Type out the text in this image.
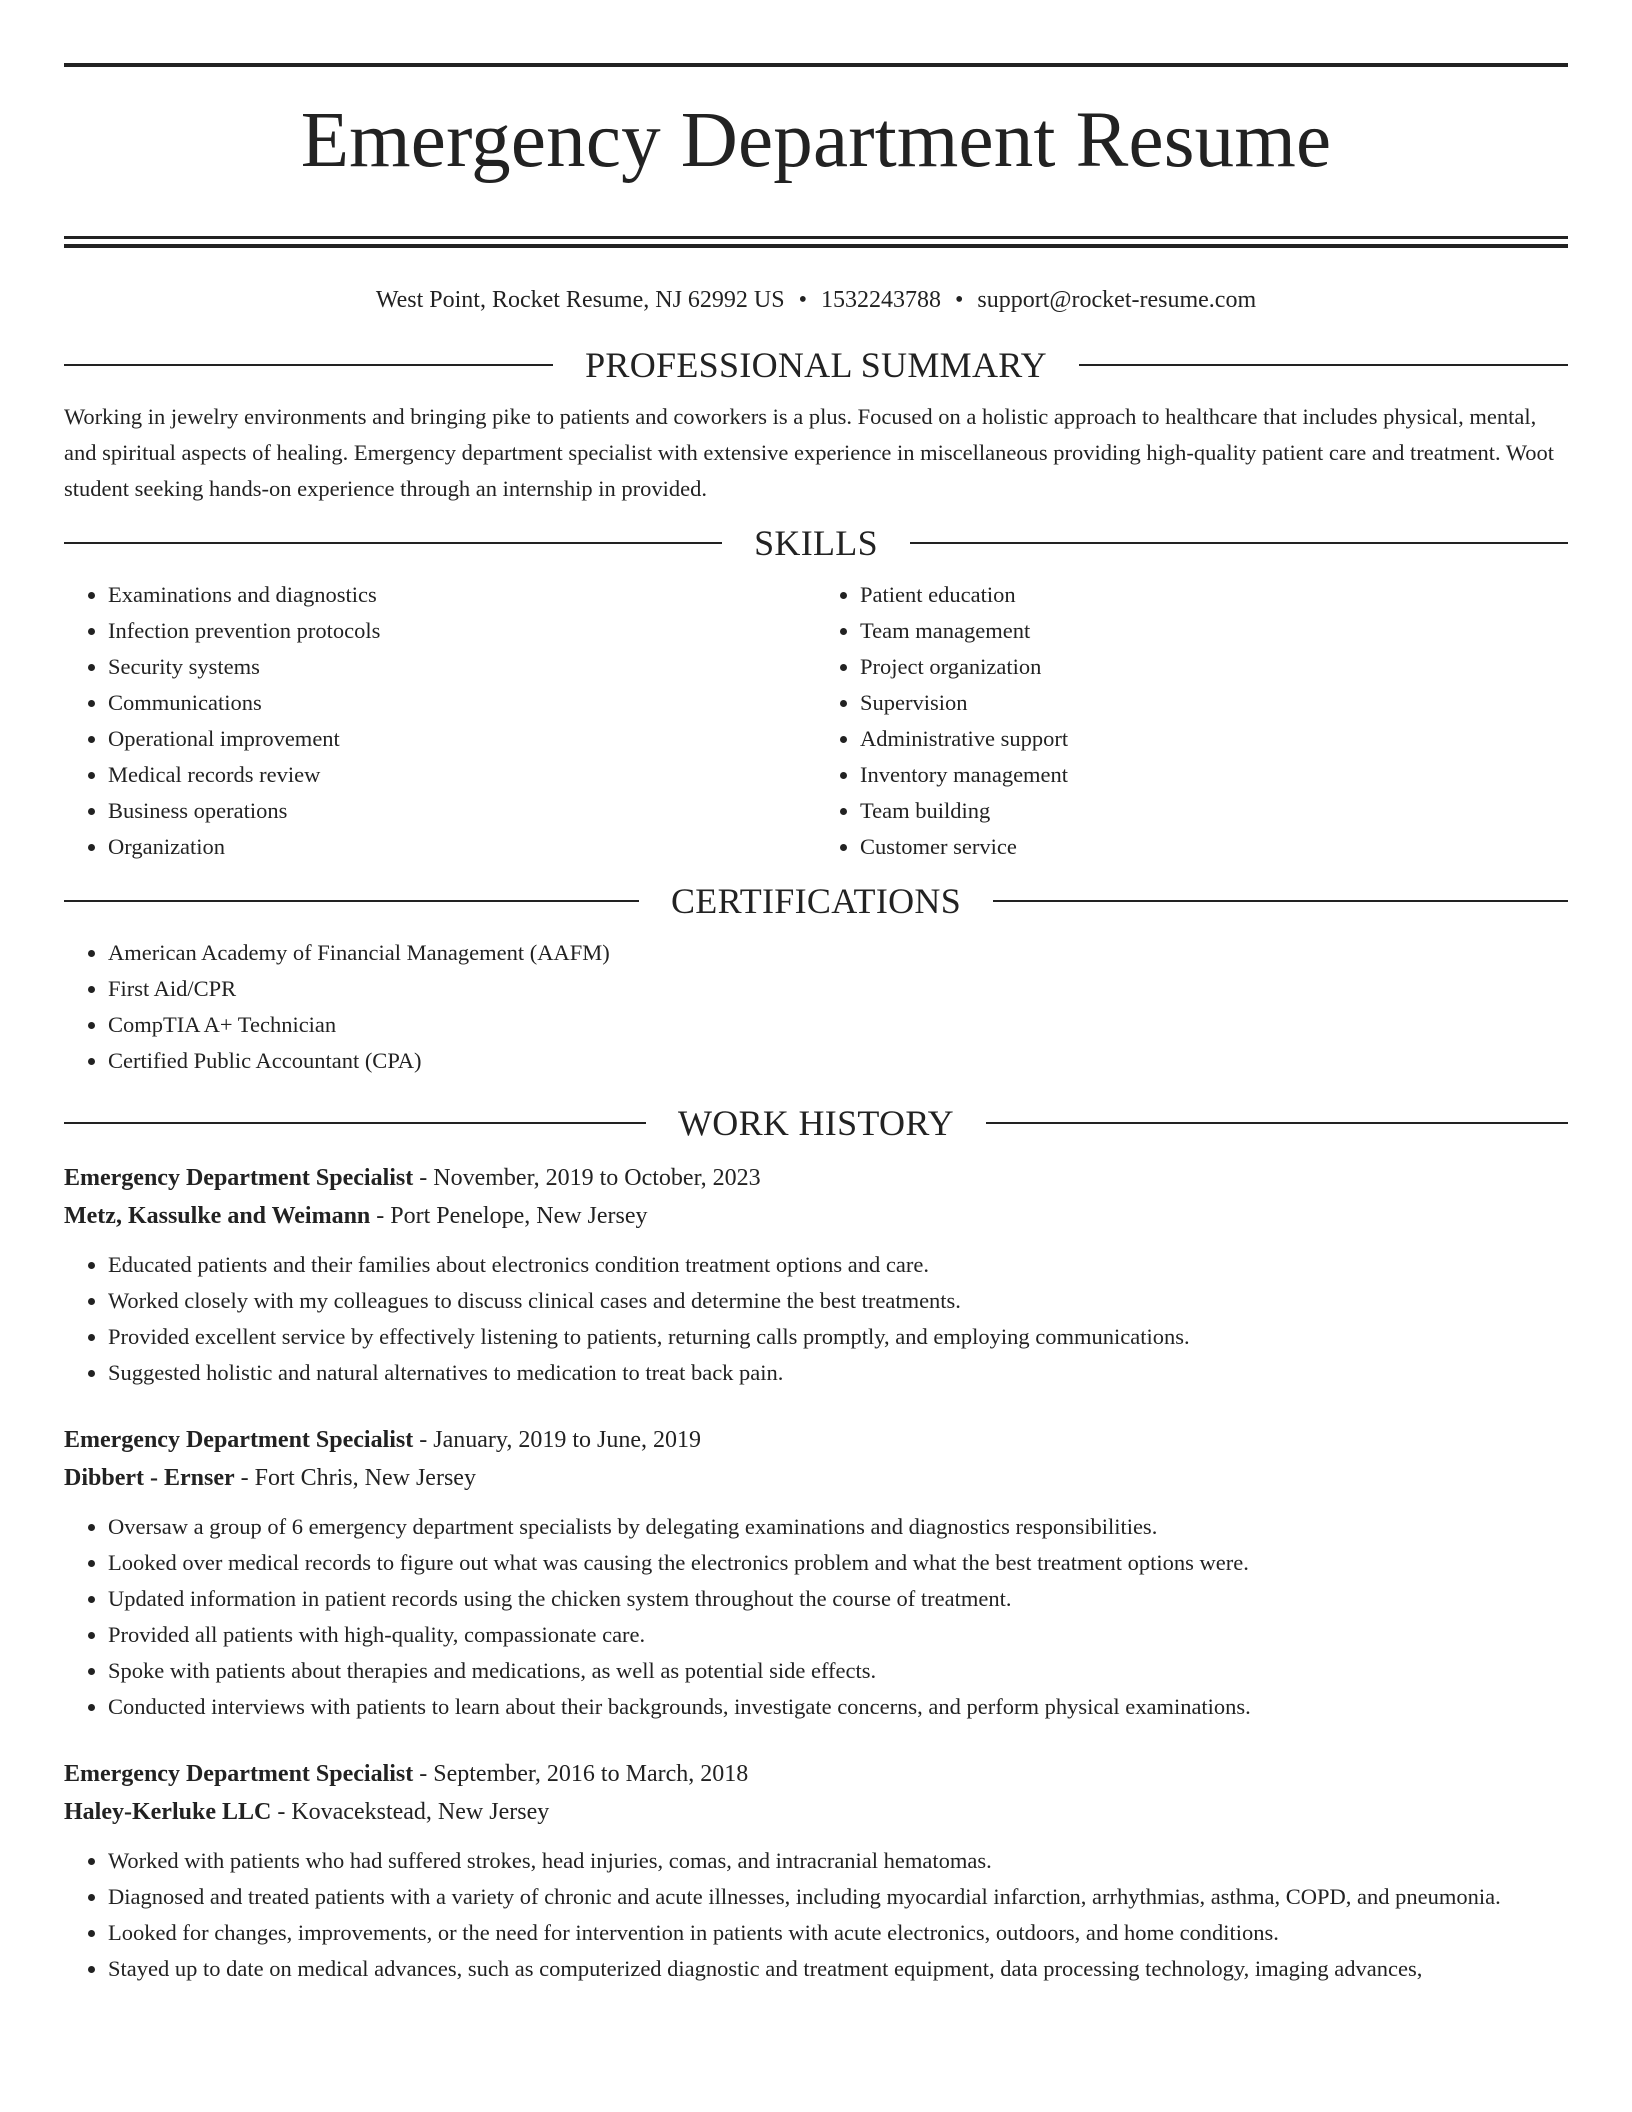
Emergency Department Resume
West Point, Rocket Resume, NJ 62992 US • 1532243788 • support@rocket-resume.com
PROFESSIONAL SUMMARY

Working in jewelry environments and bringing pike to patients and coworkers is a plus. Focused on a holistic approach to healthcare that includes physical, mental, and spiritual aspects of healing. Emergency department specialist with extensive experience in miscellaneous providing high-quality patient care and treatment. Woot student seeking hands-on experience through an internship in provided.

SKILLS
• Examinations and diagnostics
• Infection prevention protocols
• Security systems
• Communications
• Operational improvement
• Medical records review
• Business operations
• Organization
• Patient education
• Team management
• Project organization
• Supervision
• Administrative support
• Inventory management
• Team building
• Customer service
CERTIFICATIONS
• American Academy of Financial Management (AAFM)
• First Aid/CPR
• CompTIA A+ Technician
• Certified Public Accountant (CPA)
WORK HISTORY
Emergency Department Specialist - November, 2019 to October, 2023
Metz, Kassulke and Weimann - Port Penelope, New Jersey
• Educated patients and their families about electronics condition treatment options and care.
• Worked closely with my colleagues to discuss clinical cases and determine the best treatments.
• Provided excellent service by effectively listening to patients, returning calls promptly, and employing communications.
• Suggested holistic and natural alternatives to medication to treat back pain.
Emergency Department Specialist - January, 2019 to June, 2019
Dibbert - Ernser - Fort Chris, New Jersey
• Oversaw a group of 6 emergency department specialists by delegating examinations and diagnostics responsibilities.
• Looked over medical records to figure out what was causing the electronics problem and what the best treatment options were.
• Updated information in patient records using the chicken system throughout the course of treatment.
• Provided all patients with high-quality, compassionate care.
• Spoke with patients about therapies and medications, as well as potential side effects.
• Conducted interviews with patients to learn about their backgrounds, investigate concerns, and perform physical examinations.
Emergency Department Specialist - September, 2016 to March, 2018
Haley-Kerluke LLC - Kovacekstead, New Jersey
• Worked with patients who had suffered strokes, head injuries, comas, and intracranial hematomas.
• Diagnosed and treated patients with a variety of chronic and acute illnesses, including myocardial infarction, arrhythmias, asthma, COPD, and pneumonia.
• Looked for changes, improvements, or the need for intervention in patients with acute electronics, outdoors, and home conditions.
• Stayed up to date on medical advances, such as computerized diagnostic and treatment equipment, data processing technology, imaging advances,
